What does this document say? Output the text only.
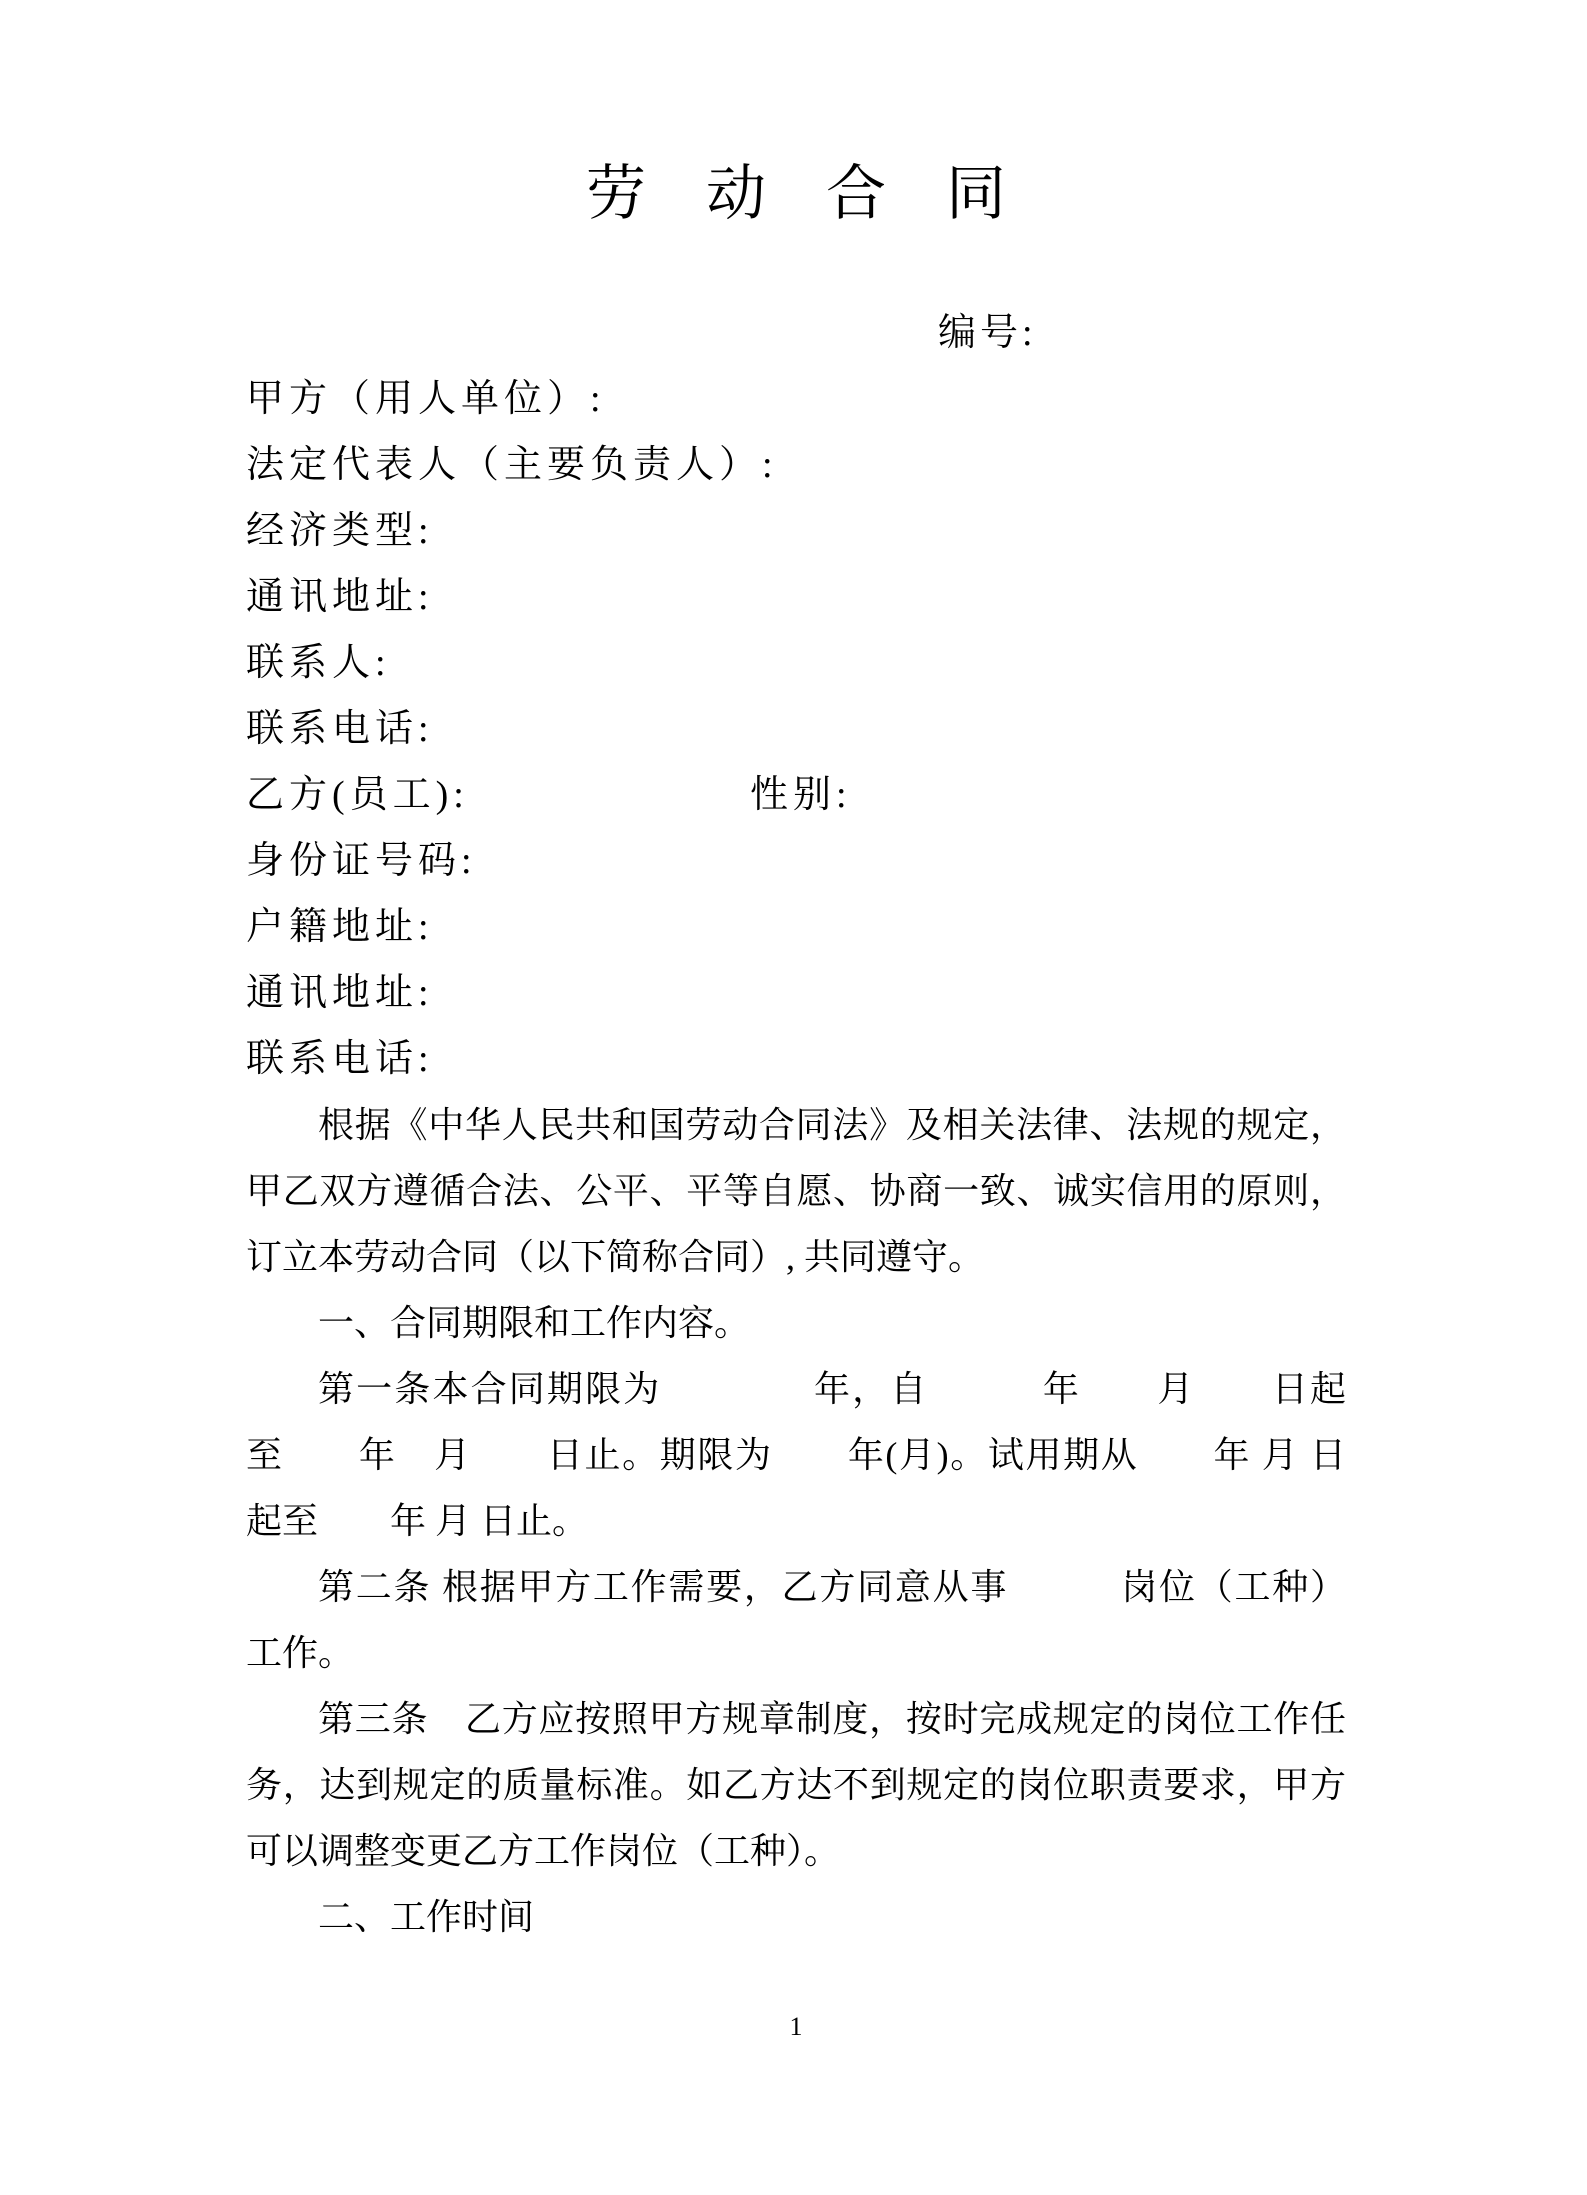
劳　动　合　同
编号:
甲方（用人单位）:
法定代表人（主要负责人）:
经济类型:
通讯地址:
联系人:
联系电话:
乙方(员工):	性别:
身份证号码:
户籍地址:
通讯地址:
联系电话:
根据《中华人民共和国劳动合同法》及相关法律、法规的规定，
甲乙双方遵循合法、公平、平等自愿、协商一致、诚实信用的原则，
订立本劳动合同（以下简称合同）, 共同遵守。
一、合同期限和工作内容。
第一条本合同期限为　　　　年，自　　　年　　月　　日起
至　　年　月　　日止。期限为　　年(月)。试用期从　　年 月 日
起至　　年 月 日止。
第二条 根据甲方工作需要，乙方同意从事　　　岗位（工种）
工作。
第三条　乙方应按照甲方规章制度，按时完成规定的岗位工作任
务，达到规定的质量标准。如乙方达不到规定的岗位职责要求，甲方
可以调整变更乙方工作岗位（工种）。
二、工作时间
1
